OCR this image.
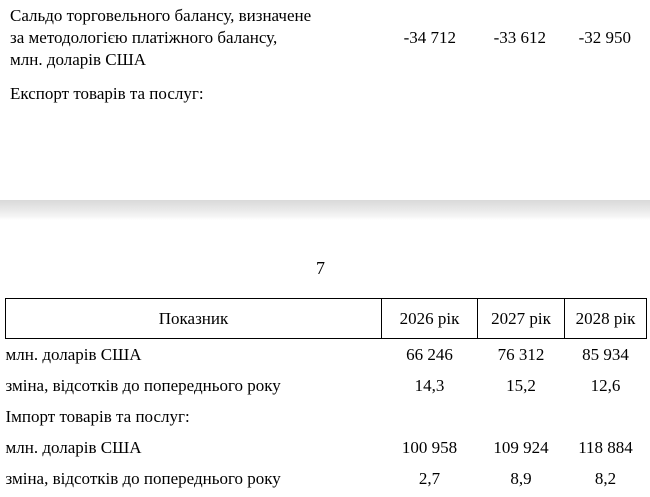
Сальдо торговельного балансу, визначене
за методологією платіжного балансу,
млн. доларів США
-34 712	-33 612	-32 950
Експорт товарів та послуг:
7
Показник	2026 рік	2027 рік	2028 рік
млн. доларів США	66 246	76 312	85 934
зміна, відсотків до попереднього року	14,3	15,2	12,6
Імпорт товарів та послуг:			
млн. доларів США	100 958	109 924	118 884
зміна, відсотків до попереднього року	2,7	8,9	8,2
